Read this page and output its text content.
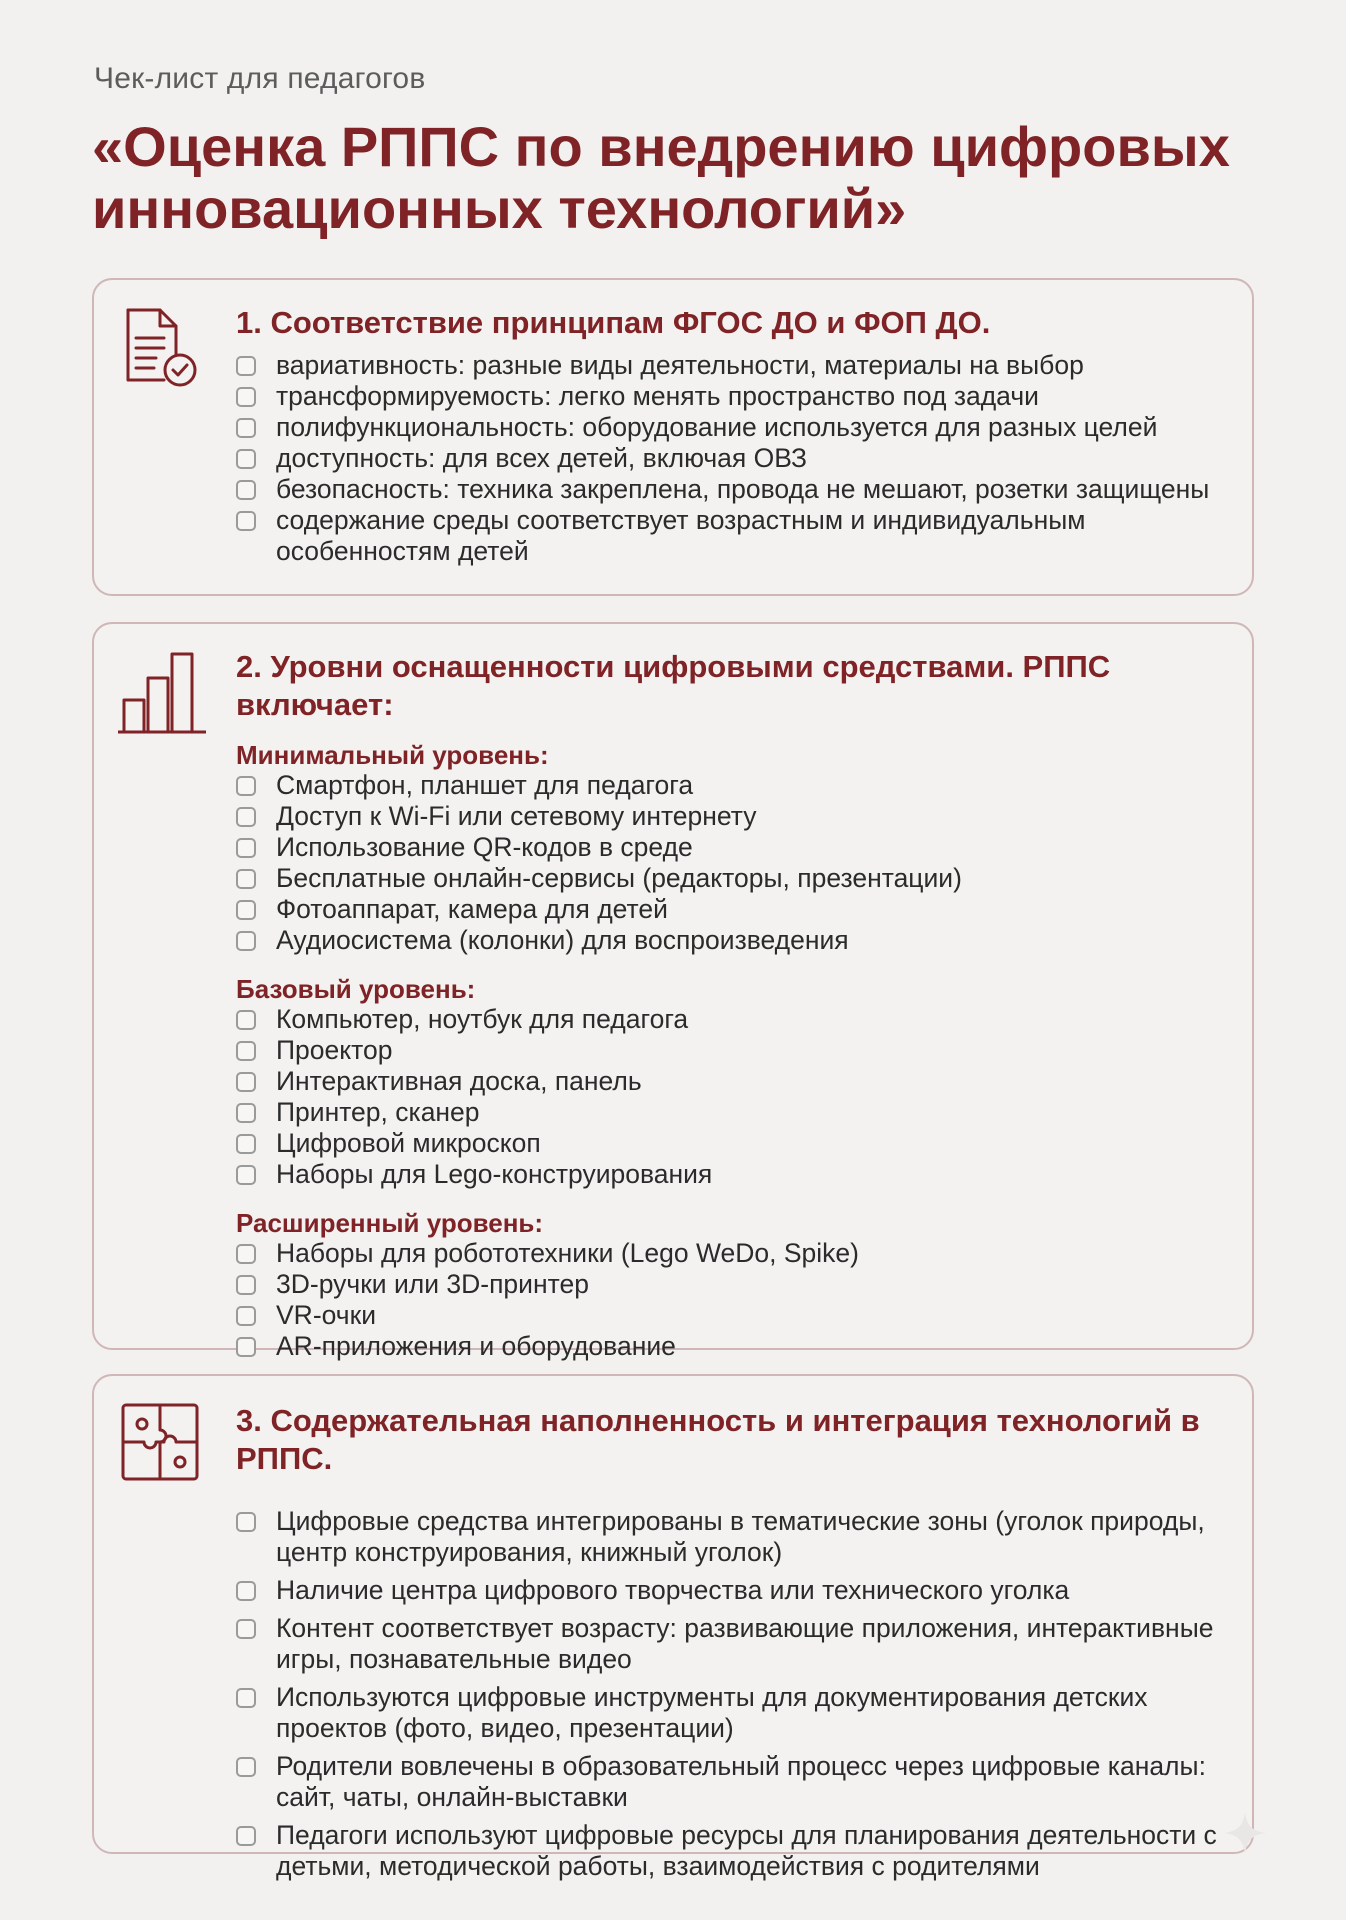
Чек-лист для педагогов
«Оценка РППС по внедрению цифровых инновационных технологий»
1. Соответствие принципам ФГОС ДО и ФОП ДО.
вариативность: разные виды деятельности, материалы на выбор
трансформируемость: легко менять пространство под задачи
полифункциональность: оборудование используется для разных целей
доступность: для всех детей, включая ОВЗ
безопасность: техника закреплена, провода не мешают, розетки защищены
содержание среды соответствует возрастным и индивидуальным особенностям детей
2. Уровни оснащенности цифровыми средствами. РППС включает:
Минимальный уровень:
Смартфон, планшет для педагога
Доступ к Wi-Fi или сетевому интернету
Использование QR-кодов в среде
Бесплатные онлайн-сервисы (редакторы, презентации)
Фотоаппарат, камера для детей
Аудиосистема (колонки) для воспроизведения
Базовый уровень:
Компьютер, ноутбук для педагога
Проектор
Интерактивная доска, панель
Принтер, сканер
Цифровой микроскоп
Наборы для Lego-конструирования
Расширенный уровень:
Наборы для робототехники (Lego WeDo, Spike)
3D-ручки или 3D-принтер
VR-очки
AR-приложения и оборудование
3. Содержательная наполненность и интеграция технологий в РППС.
Цифровые средства интегрированы в тематические зоны (уголок природы, центр конструирования, книжный уголок)
Наличие центра цифрового творчества или технического уголка
Контент соответствует возрасту: развивающие приложения, интерактивные игры, познавательные видео
Используются цифровые инструменты для документирования детских проектов (фото, видео, презентации)
Родители вовлечены в образовательный процесс через цифровые каналы: сайт, чаты, онлайн-выставки
Педагоги используют цифровые ресурсы для планирования деятельности с детьми, методической работы, взаимодействия с родителями
